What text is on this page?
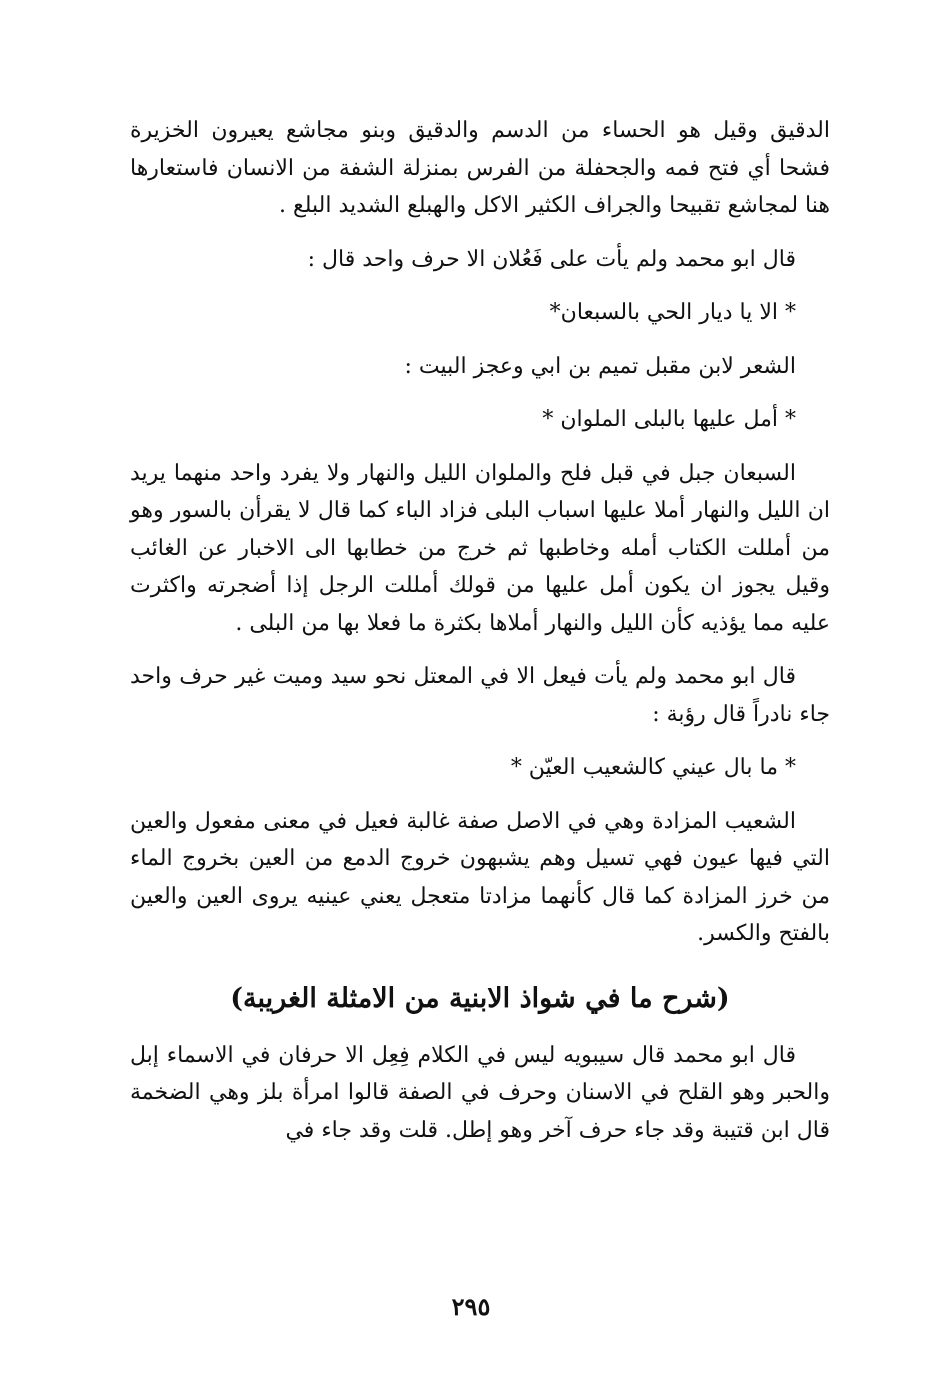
الدقيق وقيل هو الحساء من الدسم والدقيق وبنو مجاشع يعيرون الخزيرة فشحا أي فتح فمه والجحفلة من الفرس بمنزلة الشفة من الانسان فاستعارها هنا لمجاشع تقبيحا والجراف الكثير الاكل والهبلع الشديد البلع .

قال ابو محمد ولم يأت على فَعُلان الا حرف واحد قال :

* الا يا ديار الحي بالسبعان*

الشعر لابن مقبل تميم بن ابي وعجز البيت :

* أمل عليها بالبلى الملوان *

السبعان جبل في قبل فلح والملوان الليل والنهار ولا يفرد واحد منهما يريد ان الليل والنهار أملا عليها اسباب البلى فزاد الباء كما قال لا يقرأن بالسور وهو من أمللت الكتاب أمله وخاطبها ثم خرج من خطابها الى الاخبار عن الغائب وقيل يجوز ان يكون أمل عليها من قولك أمللت الرجل إذا أضجرته واكثرت عليه مما يؤذيه كأن الليل والنهار أملاها بكثرة ما فعلا بها من البلى .

قال ابو محمد ولم يأت فيعل الا في المعتل نحو سيد وميت غير حرف واحد جاء نادراً قال رؤبة :

* ما بال عيني كالشعيب العيّن *

الشعيب المزادة وهي في الاصل صفة غالبة فعيل في معنى مفعول والعين التي فيها عيون فهي تسيل وهم يشبهون خروج الدمع من العين بخروج الماء من خرز المزادة كما قال كأنهما مزادتا متعجل يعني عينيه يروى العين والعين بالفتح والكسر.

(شرح ما في شواذ الابنية من الامثلة الغريبة)

قال ابو محمد قال سيبويه ليس في الكلام فِعِل الا حرفان في الاسماء إبل والحبر وهو القلح في الاسنان وحرف في الصفة قالوا امرأة بلز وهي الضخمة قال ابن قتيبة وقد جاء حرف آخر وهو إطل. قلت وقد جاء في

٢٩٥
